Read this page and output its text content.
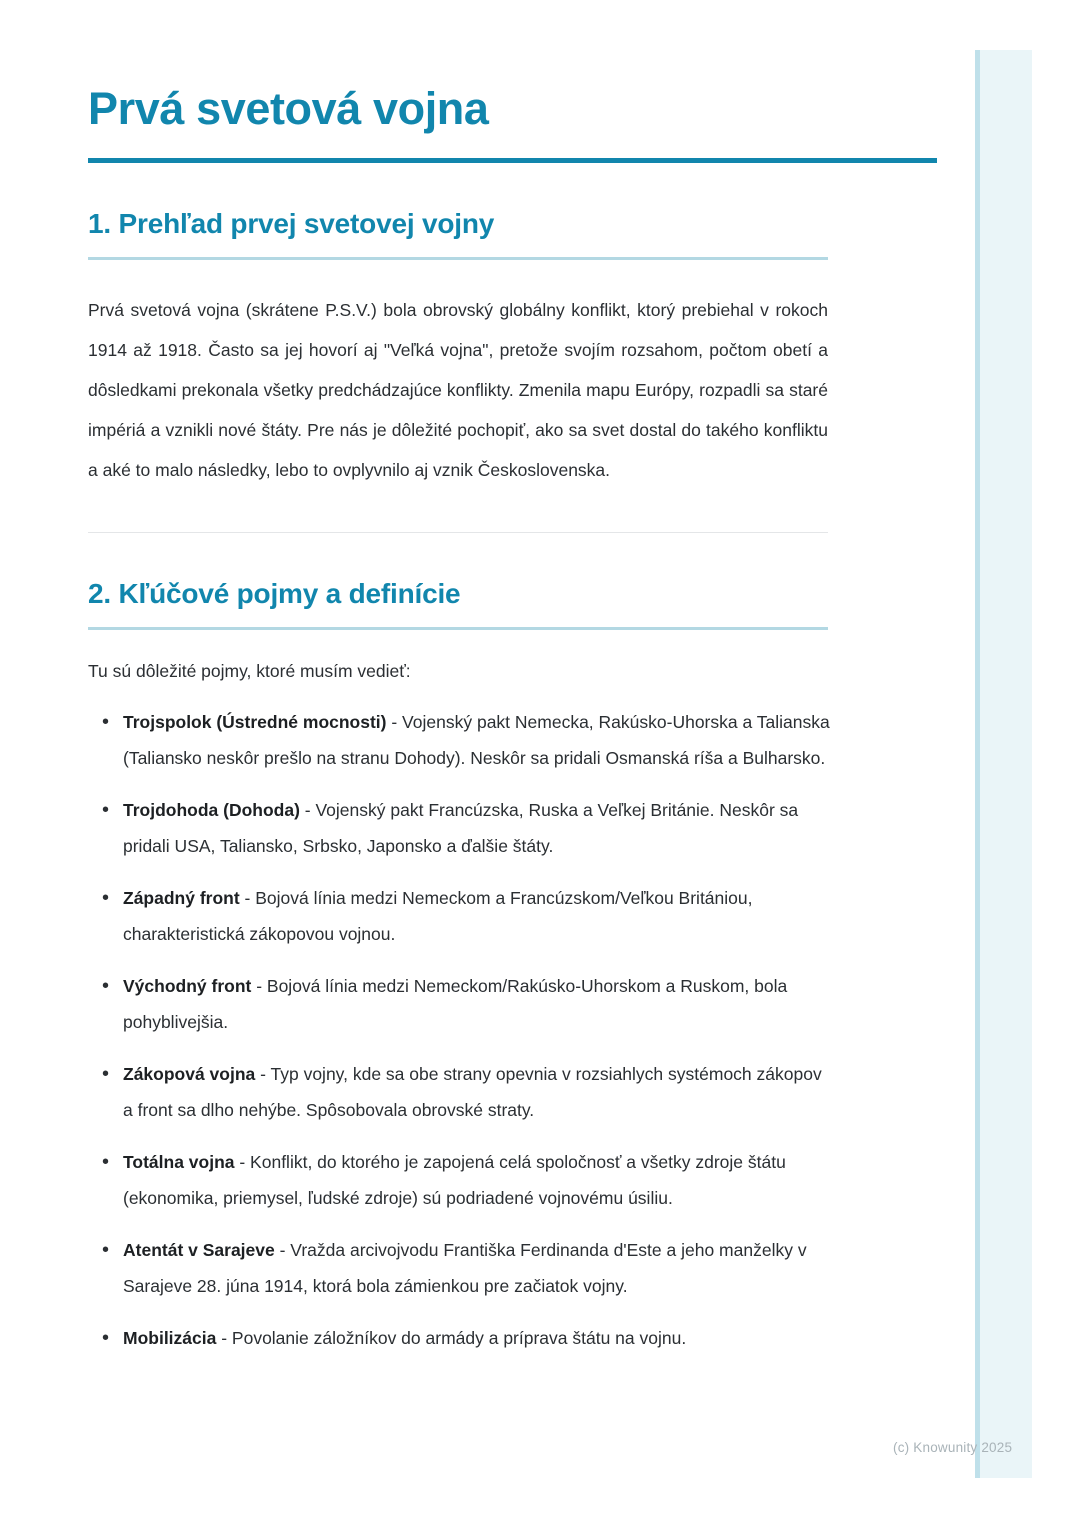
Prvá svetová vojna
1. Prehľad prvej svetovej vojny

Prvá svetová vojna (skrátene P.S.V.) bola obrovský globálny konflikt, ktorý prebiehal v rokoch 1914 až 1918. Často sa jej hovorí aj "Veľká vojna", pretože svojím rozsahom, počtom obetí a dôsledkami prekonala všetky predchádzajúce konflikty. Zmenila mapu Európy, rozpadli sa staré impériá a vznikli nové štáty. Pre nás je dôležité pochopiť, ako sa svet dostal do takého konfliktu a aké to malo následky, lebo to ovplyvnilo aj vznik Československa.

2. Kľúčové pojmy a definície

Tu sú dôležité pojmy, ktoré musím vedieť:

• Trojspolok (Ústredné mocnosti) - Vojenský pakt Nemecka, Rakúsko-Uhorska a Talianska (Taliansko neskôr prešlo na stranu Dohody). Neskôr sa pridali Osmanská ríša a Bulharsko.
• Trojdohoda (Dohoda) - Vojenský pakt Francúzska, Ruska a Veľkej Británie. Neskôr sa pridali USA, Taliansko, Srbsko, Japonsko a ďalšie štáty.
• Západný front - Bojová línia medzi Nemeckom a Francúzskom/Veľkou Britániou, charakteristická zákopovou vojnou.
• Východný front - Bojová línia medzi Nemeckom/Rakúsko-Uhorskom a Ruskom, bola pohyblivejšia.
• Zákopová vojna - Typ vojny, kde sa obe strany opevnia v rozsiahlych systémoch zákopov a front sa dlho nehýbe. Spôsobovala obrovské straty.
• Totálna vojna - Konflikt, do ktorého je zapojená celá spoločnosť a všetky zdroje štátu (ekonomika, priemysel, ľudské zdroje) sú podriadené vojnovému úsiliu.
• Atentát v Sarajeve - Vražda arcivojvodu Františka Ferdinanda d'Este a jeho manželky v Sarajeve 28. júna 1914, ktorá bola zámienkou pre začiatok vojny.
• Mobilizácia - Povolanie záložníkov do armády a príprava štátu na vojnu.
(c) Knowunity 2025
